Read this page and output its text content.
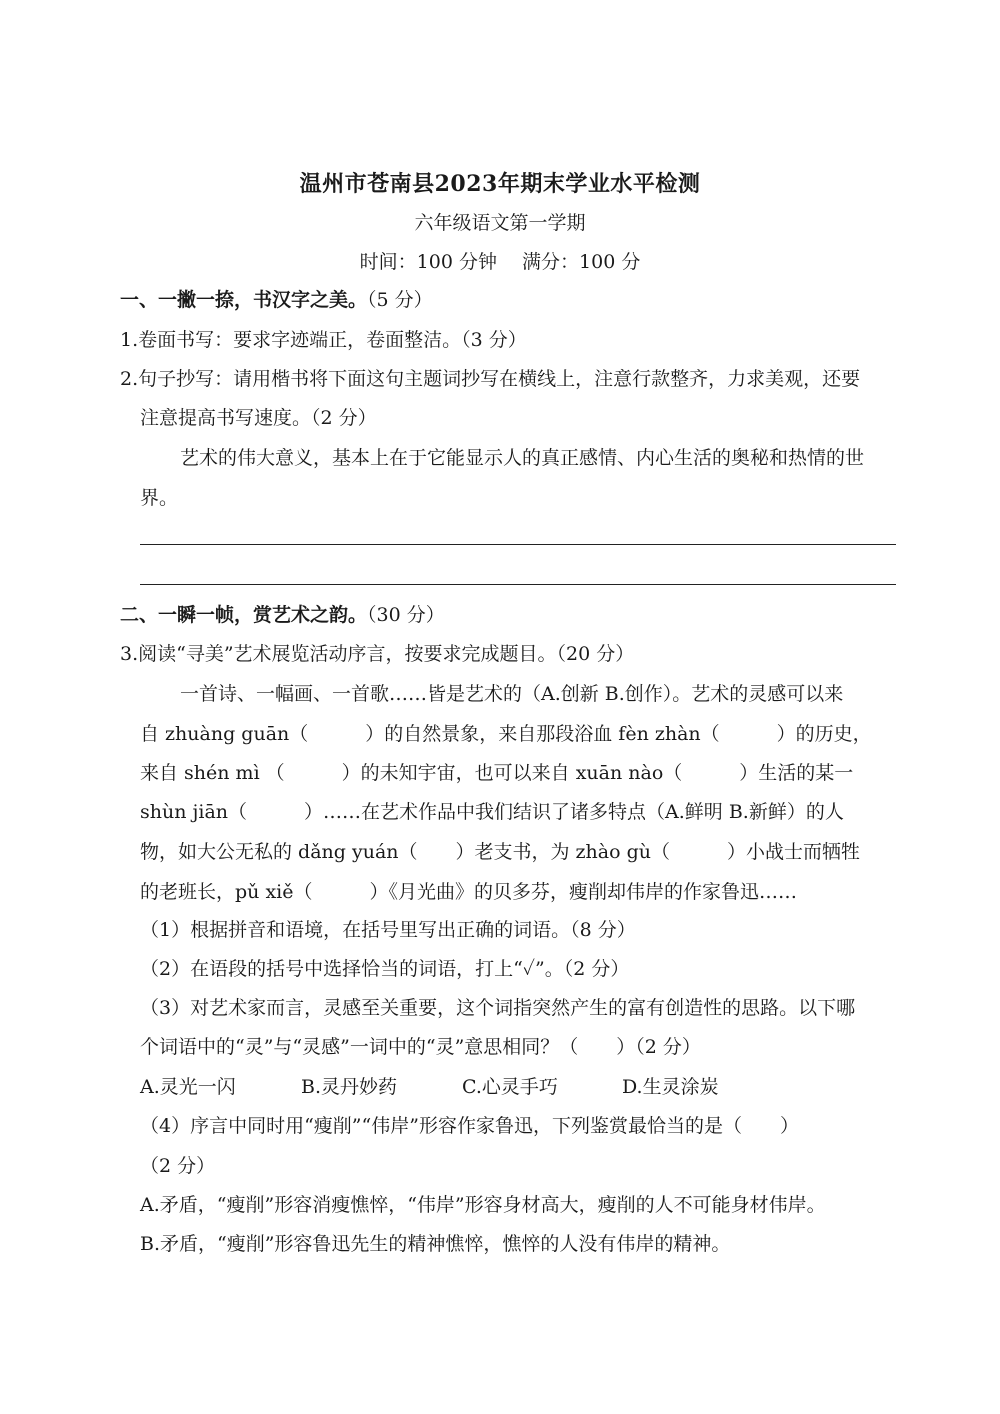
温州市苍南县2023年期末学业水平检测
六年级语文第一学期
时间：100 分钟　 满分：100 分
一、一撇一捺，书汉字之美。（5 分）
1.卷面书写：要求字迹端正，卷面整洁。（3 分）
2.句子抄写：请用楷书将下面这句主题词抄写在横线上，注意行款整齐，力求美观，还要
注意提高书写速度。（2 分）
艺术的伟大意义，基本上在于它能显示人的真正感情、内心生活的奥秘和热情的世
界。
二、一瞬一帧，赏艺术之韵。（30 分）
3.阅读“寻美”艺术展览活动序言，按要求完成题目。（20 分）
一首诗、一幅画、一首歌……皆是艺术的（A.创新 B.创作）。艺术的灵感可以来
自 zhuàng guān（　　　）的自然景象，来自那段浴血 fèn zhàn（　　　）的历史，
来自 shén mì （　　　）的未知宇宙，也可以来自 xuān nào（　　　）生活的某一
shùn jiān（　　　）……在艺术作品中我们结识了诸多特点（A.鲜明 B.新鲜）的人
物，如大公无私的 dǎng yuán（　　）老支书，为 zhào gù（　　　）小战士而牺牲
的老班长，pǔ xiě（　　　）《月光曲》的贝多芬，瘦削却伟岸的作家鲁迅……
（1）根据拼音和语境，在括号里写出正确的词语。（8 分）
（2）在语段的括号中选择恰当的词语，打上“✓”。（2 分）
（3）对艺术家而言，灵感至关重要，这个词指突然产生的富有创造性的思路。以下哪
个词语中的“灵”与“灵感”一词中的“灵”意思相同？（　　）（2 分）
A.灵光一闪	B.灵丹妙药	C.心灵手巧	D.生灵涂炭
（4）序言中同时用“瘦削”“伟岸”形容作家鲁迅，下列鉴赏最恰当的是（　　）
（2 分）
A.矛盾，“瘦削”形容消瘦憔悴，“伟岸”形容身材高大，瘦削的人不可能身材伟岸。
B.矛盾，“瘦削”形容鲁迅先生的精神憔悴，憔悴的人没有伟岸的精神。
